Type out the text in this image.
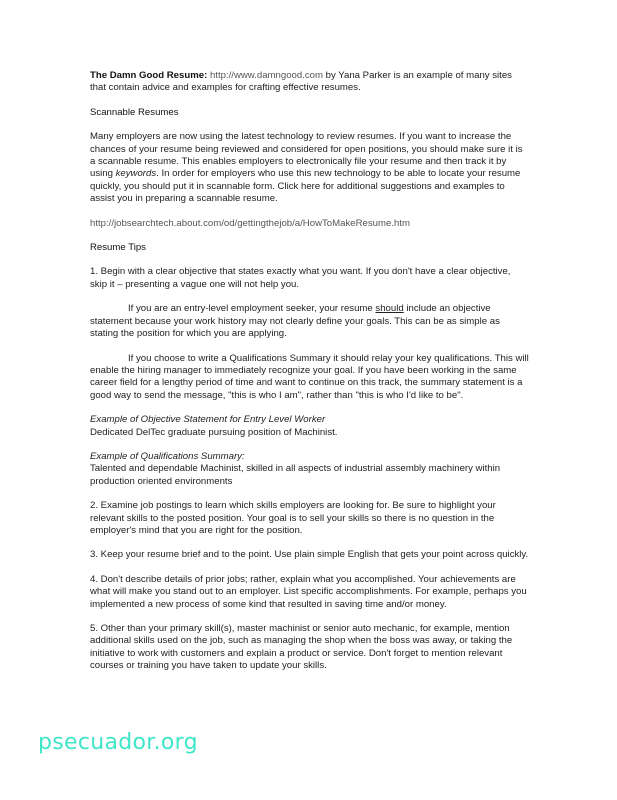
The Damn Good Resume: http://www.damngood.com by Yana Parker is an example of many sites that contain advice and examples for crafting effective resumes.
Scannable Resumes
Many employers are now using the latest technology to review resumes. If you want to increase the chances of your resume being reviewed and considered for open positions, you should make sure it is a scannable resume. This enables employers to electronically file your resume and then track it by using keywords. In order for employers who use this new technology to be able to locate your resume quickly, you should put it in scannable form. Click here for additional suggestions and examples to assist you in preparing a scannable resume.
http://jobsearchtech.about.com/od/gettingthejob/a/HowToMakeResume.htm
Resume Tips
1. Begin with a clear objective that states exactly what you want. If you don't have a clear objective, skip it – presenting a vague one will not help you.
If you are an entry-level employment seeker, your resume should include an objective statement because your work history may not clearly define your goals. This can be as simple as stating the position for which you are applying.
If you choose to write a Qualifications Summary it should relay your key qualifications. This will enable the hiring manager to immediately recognize your goal. If you have been working in the same career field for a lengthy period of time and want to continue on this track, the summary statement is a good way to send the message, "this is who I am", rather than "this is who I'd like to be".
Example of Objective Statement for Entry Level Worker
Dedicated DelTec graduate pursuing position of Machinist.
Example of Qualifications Summary:
Talented and dependable Machinist, skilled in all aspects of industrial assembly machinery within production oriented environments
2. Examine job postings to learn which skills employers are looking for. Be sure to highlight your relevant skills to the posted position. Your goal is to sell your skills so there is no question in the employer's mind that you are right for the position.
3. Keep your resume brief and to the point. Use plain simple English that gets your point across quickly.
4. Don't describe details of prior jobs; rather, explain what you accomplished. Your achievements are what will make you stand out to an employer. List specific accomplishments. For example, perhaps you implemented a new process of some kind that resulted in saving time and/or money.
5. Other than your primary skill(s), master machinist or senior auto mechanic, for example, mention additional skills used on the job, such as managing the shop when the boss was away, or taking the initiative to work with customers and explain a product or service. Don't forget to mention relevant courses or training you have taken to update your skills.
psecuador.org
